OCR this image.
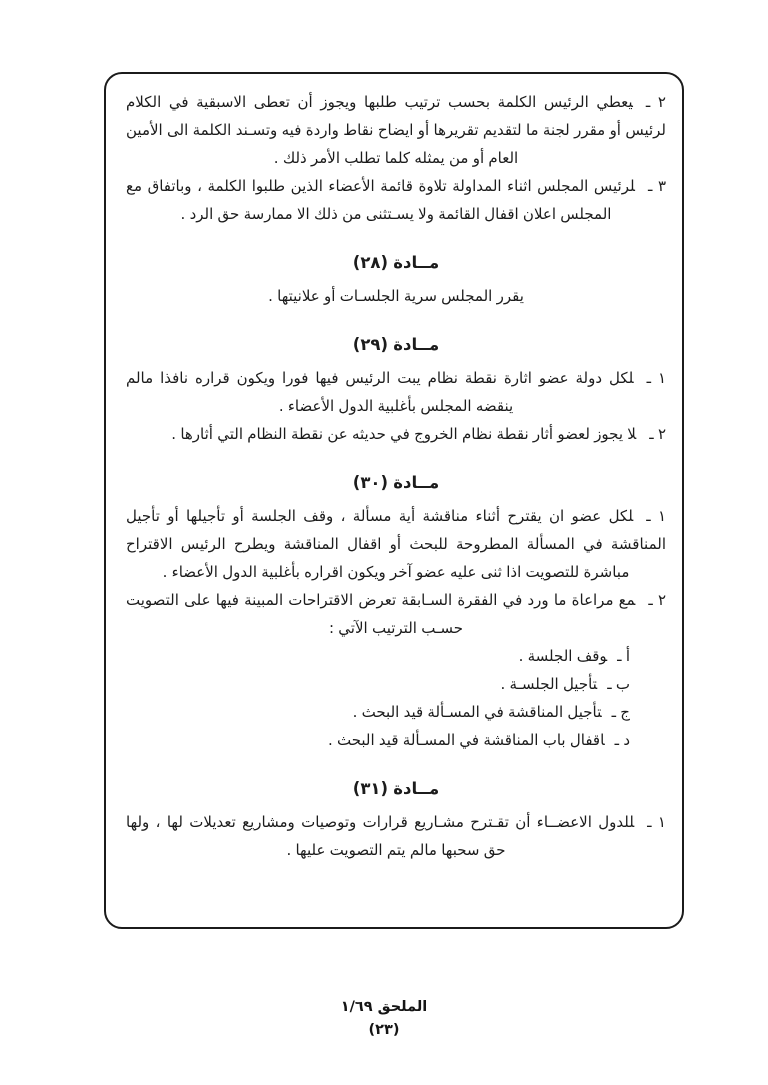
٢ ـيعطي الرئيس الكلمة بحسب ترتيب طلبها ويجوز أن تعطى الاسبقية في الكلام لرئيس أو مقرر لجنة ما لتقديم تقريرها أو ايضاح نقاط واردة فيه وتسـند الكلمة الى الأمين العام أو من يمثله كلما تطلب الأمر ذلك .
٣ ـلرئيس المجلس اثناء المداولة تلاوة قائمة الأعضاء الذين طلبوا الكلمة ، وباتفاق مع المجلس اعلان اقفال القائمة ولا يسـتثنى من ذلك الا ممارسة حق الرد .
مــادة (٢٨)
يقرر المجلس سرية الجلسـات أو علانيتها .
مــادة (٢٩)
١ ـلكل دولة عضو اثارة نقطة نظام يبت الرئيس فيها فورا ويكون قراره نافذا مالم ينقضه المجلس بأغلبية الدول الأعضاء .
٢ ـلا يجوز لعضو أثار نقطة نظام الخروج في حديثه عن نقطة النظام التي أثارها .
مــادة (٣٠)
١ ـلكل عضو ان يقترح أثناء مناقشة أية مسألة ، وقف الجلسة أو تأجيلها أو تأجيل المناقشة في المسألة المطروحة للبحث أو اقفال المناقشة ويطرح الرئيس الاقتراح مباشرة للتصويت اذا ثنى عليه عضو آخر ويكون اقراره بأغلبية الدول الأعضاء .
٢ ـمع مراعاة ما ورد في الفقرة السـابقة تعرض الاقتراحات المبينة فيها على التصويت حسـب الترتيب الآتي :
أ ـوقف الجلسة .
ب ـتأجيل الجلسـة .
ج ـتأجيل المناقشة في المسـألة قيد البحث .
د ـاقفال باب المناقشة في المسـألة قيد البحث .
مــادة (٣١)
١ ـللدول الاعضــاء أن تقـترح مشـاريع قرارات وتوصيات ومشاريع تعديلات لها ، ولها حق سحبها مالم يتم التصويت عليها .
الملحق ١/٦٩
(٢٣)
